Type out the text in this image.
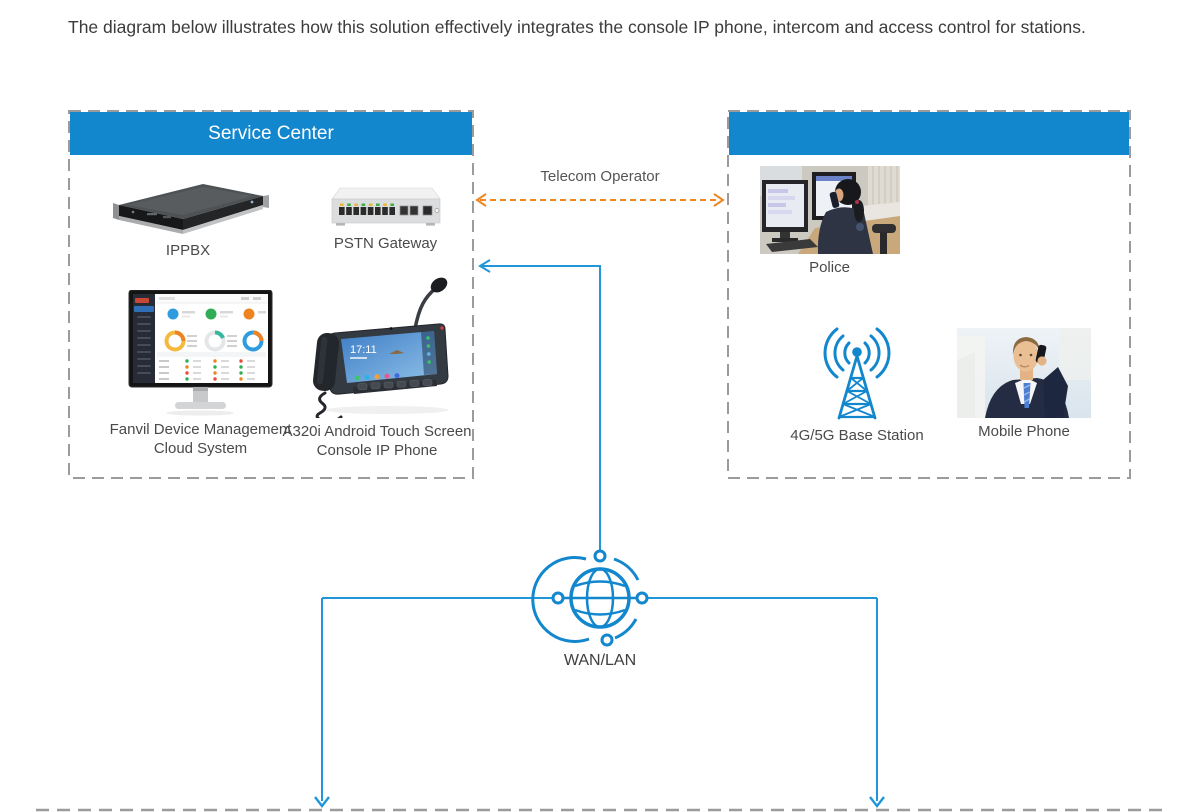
The diagram below illustrates how this solution effectively integrates the console IP phone, intercom and access control for stations.

Service Center
IPPBX	PSTN Gateway
Fanvil Device Management Cloud System
17:11
A320i Android Touch Screen Console IP Phone
Police
4G/5G Base Station	Mobile Phone
Telecom Operator
WAN/LAN
